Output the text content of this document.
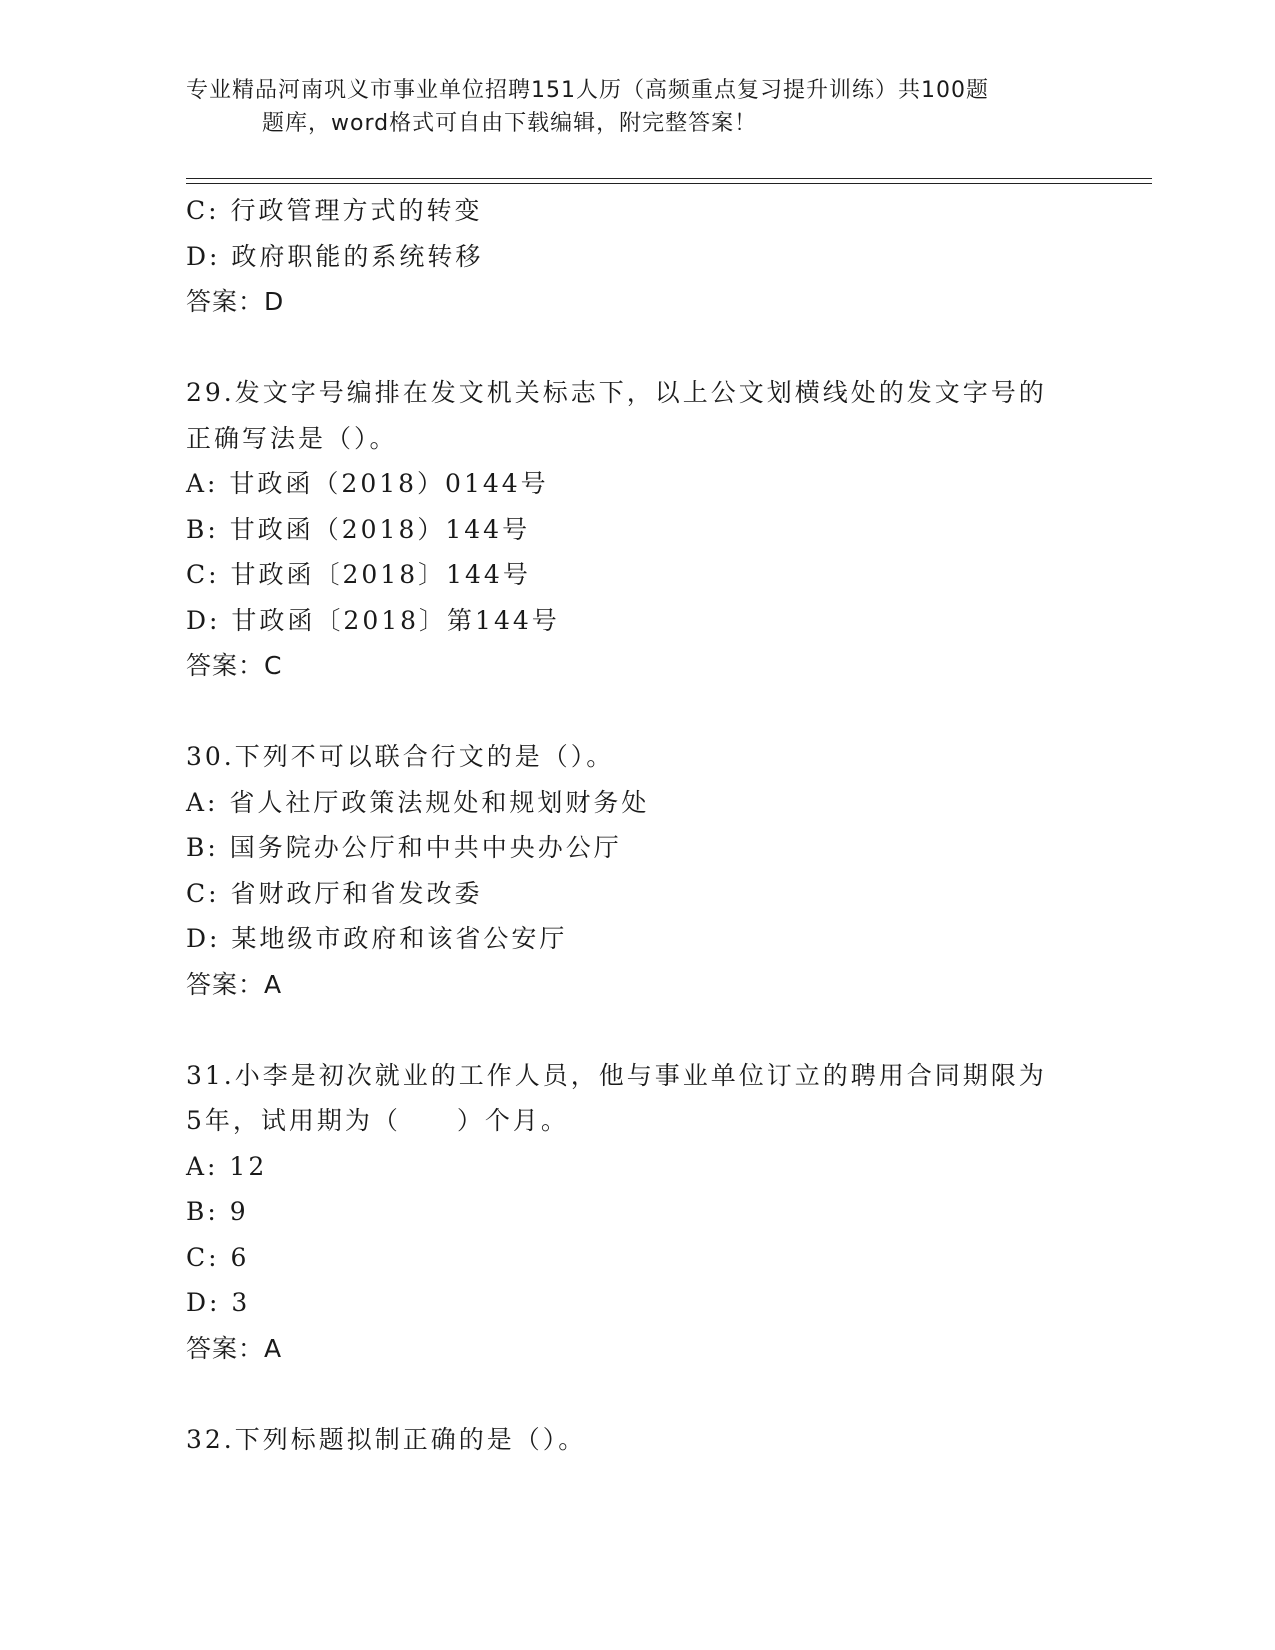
专业精品河南巩义市事业单位招聘151人历（高频重点复习提升训练）共100题
题库，word格式可自由下载编辑，附完整答案！
C: 行政管理方式的转变
D: 政府职能的系统转移
答案：D
29.发文字号编排在发文机关标志下，以上公文划横线处的发文字号的
正确写法是（）。
A: 甘政函（2018）0144号
B: 甘政函（2018）144号
C: 甘政函〔2018〕144号
D: 甘政函〔2018〕第144号
答案：C
30.下列不可以联合行文的是（）。
A: 省人社厅政策法规处和规划财务处
B: 国务院办公厅和中共中央办公厅
C: 省财政厅和省发改委
D: 某地级市政府和该省公安厅
答案：A
31.小李是初次就业的工作人员，他与事业单位订立的聘用合同期限为
5年，试用期为（　　）个月。
A: 12
B: 9
C: 6
D: 3
答案：A
32.下列标题拟制正确的是（）。
